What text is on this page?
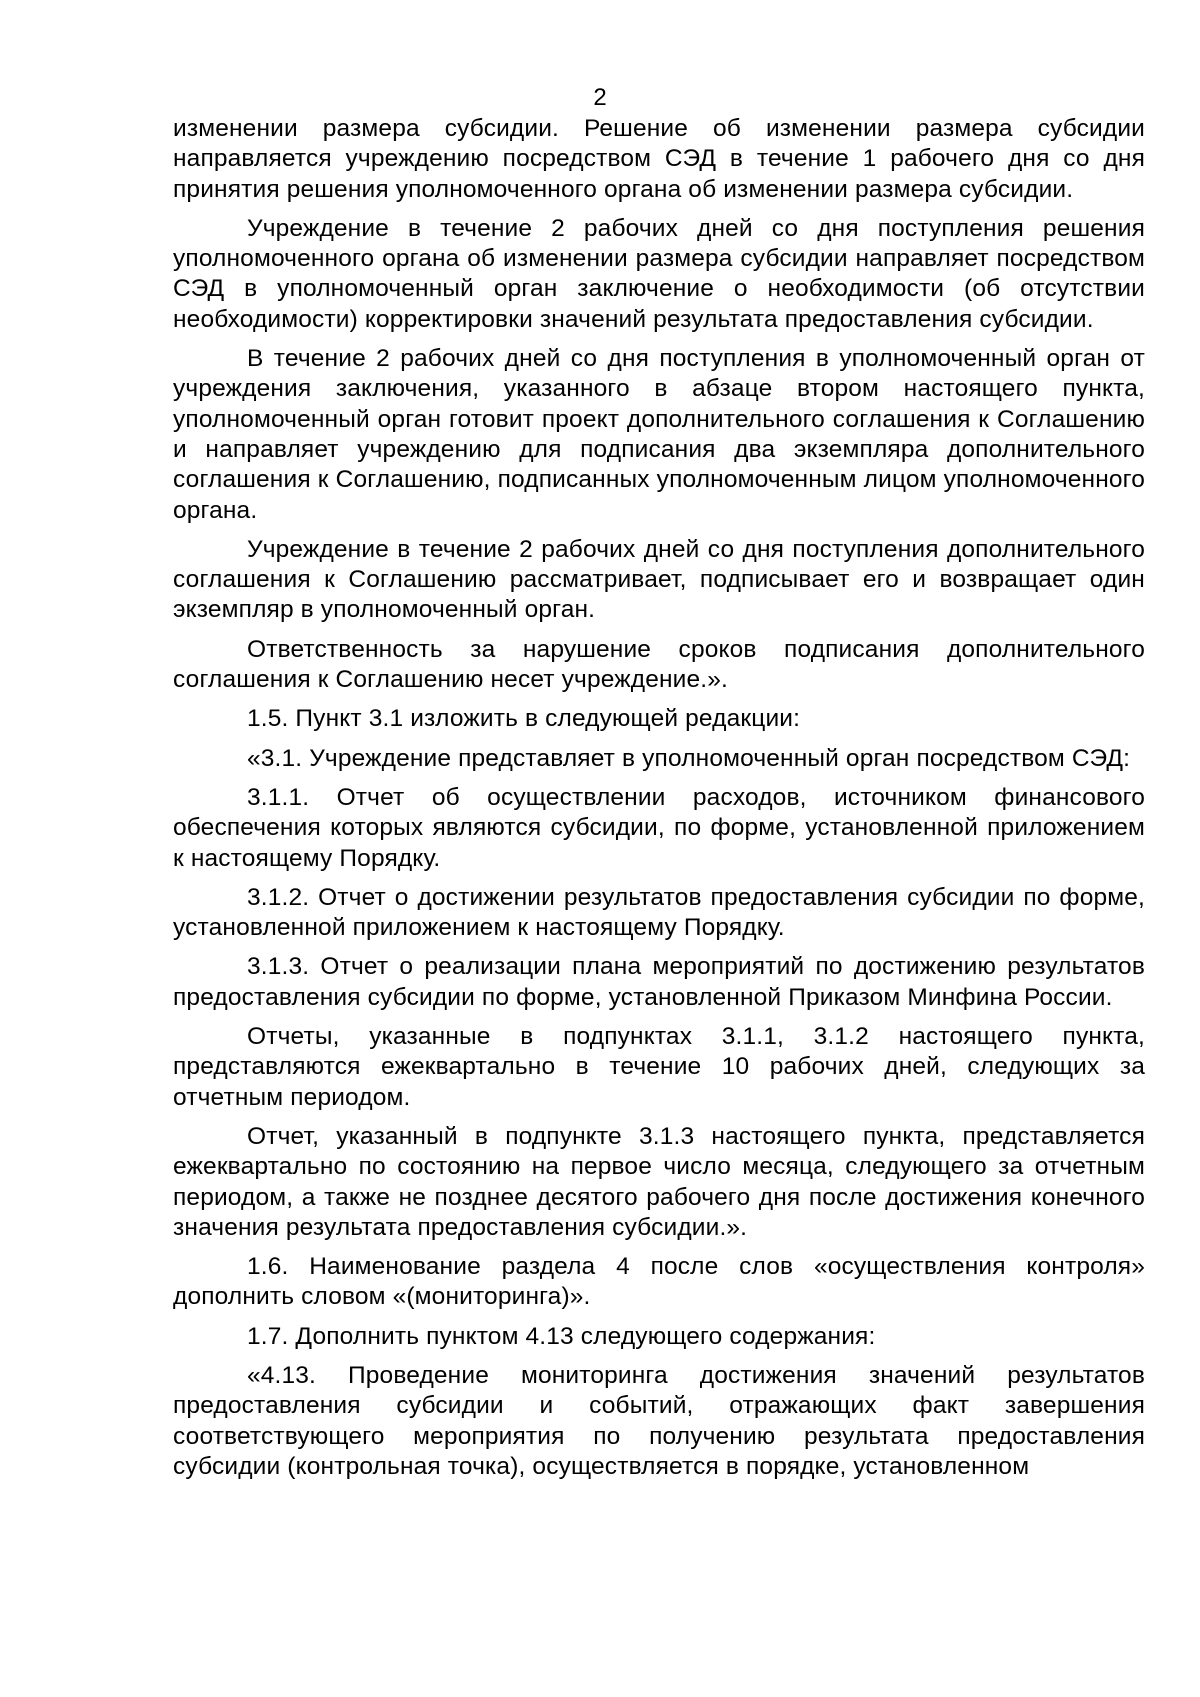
2

изменении размера субсидии. Решение об изменении размера субсидии направляется учреждению посредством СЭД в течение 1 рабочего дня со дня принятия решения уполномоченного органа об изменении размера субсидии.

Учреждение в течение 2 рабочих дней со дня поступления решения уполномоченного органа об изменении размера субсидии направляет посредством СЭД в уполномоченный орган заключение о необходимости (об отсутствии необходимости) корректировки значений результата предоставления субсидии.

В течение 2 рабочих дней со дня поступления в уполномоченный орган от учреждения заключения, указанного в абзаце втором настоящего пункта, уполномоченный орган готовит проект дополнительного соглашения к Соглашению и направляет учреждению для подписания два экземпляра дополнительного соглашения к Соглашению, подписанных уполномоченным лицом уполномоченного органа.

Учреждение в течение 2 рабочих дней со дня поступления дополнительного соглашения к Соглашению рассматривает, подписывает его и возвращает один экземпляр в уполномоченный орган.

Ответственность за нарушение сроков подписания дополнительного соглашения к Соглашению несет учреждение.».

1.5. Пункт 3.1 изложить в следующей редакции:

«3.1. Учреждение представляет в уполномоченный орган посредством СЭД:

3.1.1. Отчет об осуществлении расходов, источником финансового обеспечения которых являются субсидии, по форме, установленной приложением к настоящему Порядку.

3.1.2. Отчет о достижении результатов предоставления субсидии по форме, установленной приложением к настоящему Порядку.

3.1.3. Отчет о реализации плана мероприятий по достижению результатов предоставления субсидии по форме, установленной Приказом Минфина России.

Отчеты, указанные в подпунктах 3.1.1, 3.1.2 настоящего пункта, представляются ежеквартально в течение 10 рабочих дней, следующих за отчетным периодом.

Отчет, указанный в подпункте 3.1.3 настоящего пункта, представляется ежеквартально по состоянию на первое число месяца, следующего за отчетным периодом, а также не позднее десятого рабочего дня после достижения конечного значения результата предоставления субсидии.».

1.6. Наименование раздела 4 после слов «осуществления контроля» дополнить словом «(мониторинга)».

1.7. Дополнить пунктом 4.13 следующего содержания:

«4.13. Проведение мониторинга достижения значений результатов предоставления субсидии и событий, отражающих факт завершения соответствующего мероприятия по получению результата предоставления субсидии (контрольная точка), осуществляется в порядке, установленном
